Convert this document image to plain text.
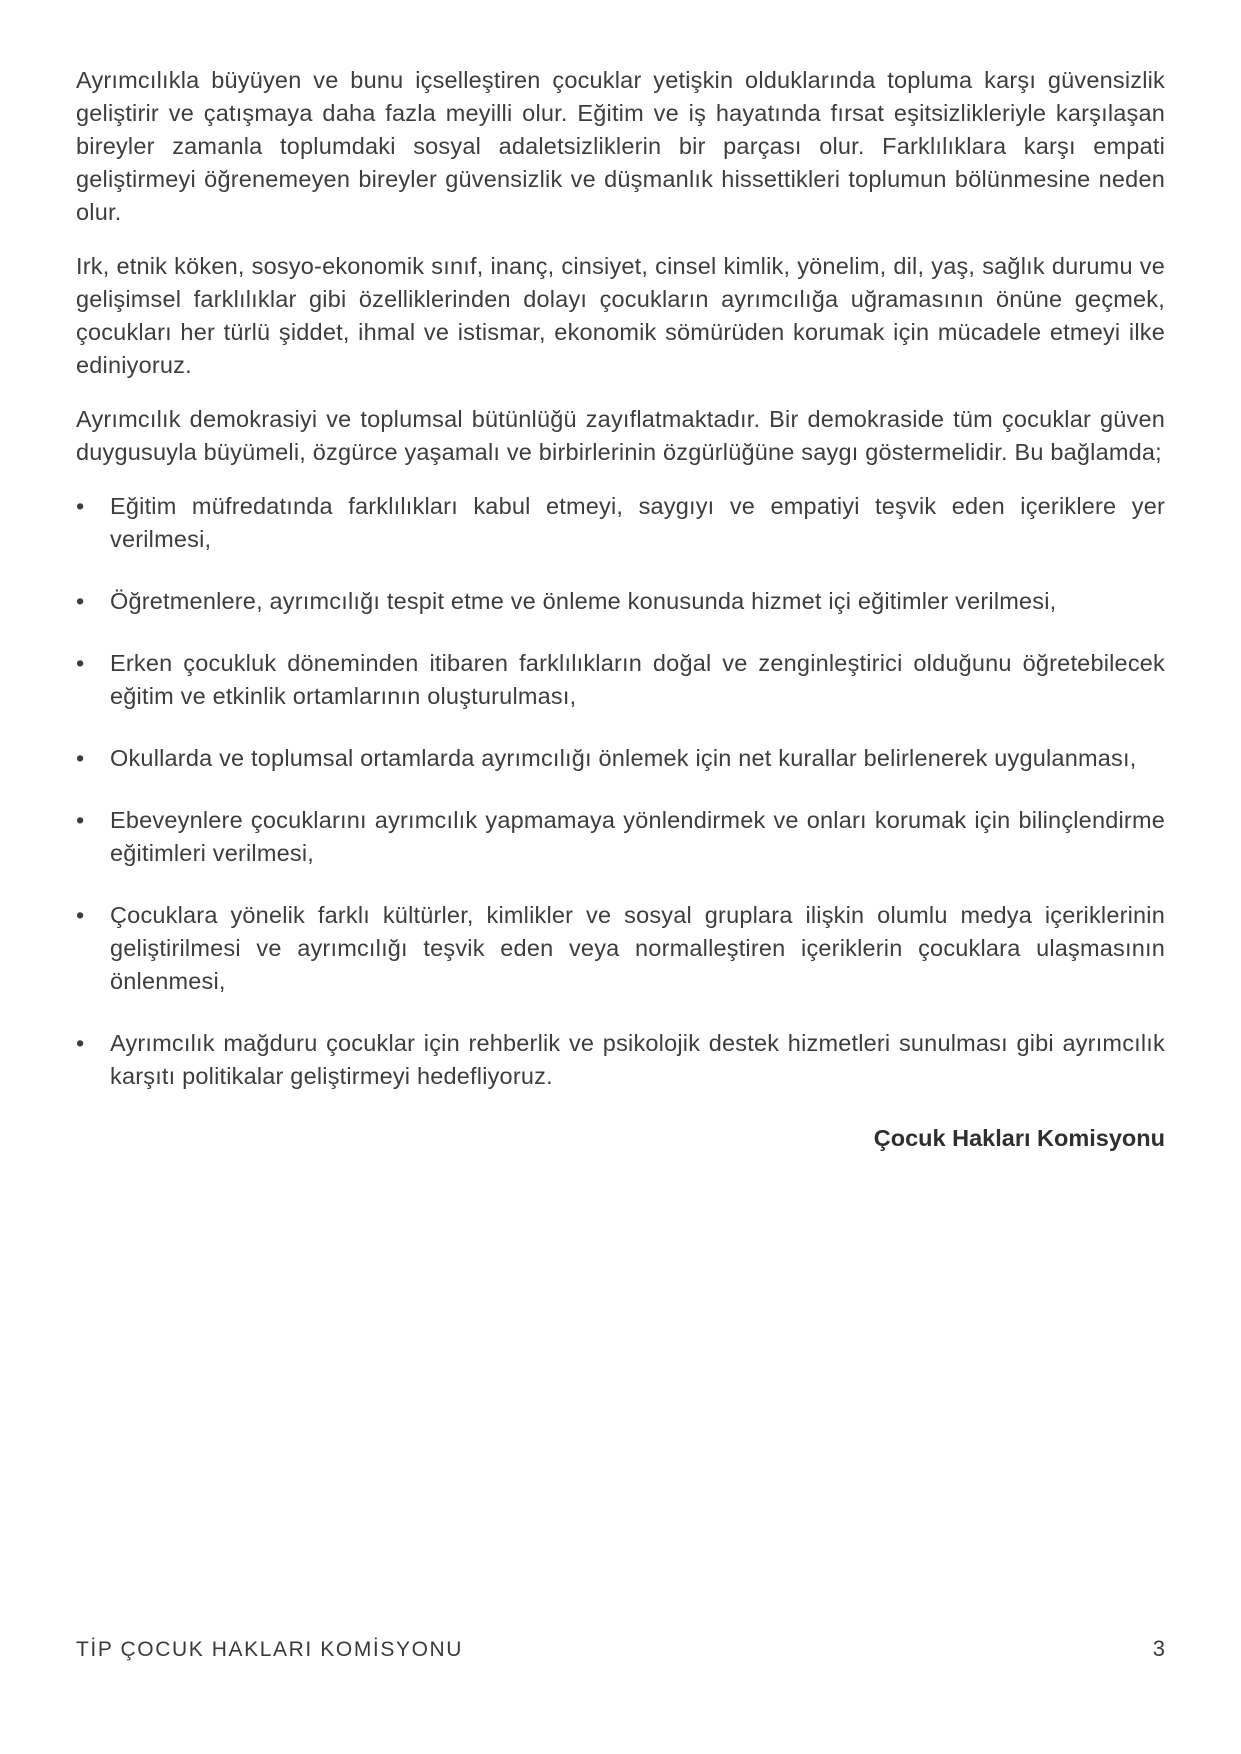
Ayrımcılıkla büyüyen ve bunu içselleştiren çocuklar yetişkin olduklarında topluma karşı güvensizlik geliştirir ve çatışmaya daha fazla meyilli olur. Eğitim ve iş hayatında fırsat eşitsizlikleriyle karşılaşan bireyler zamanla toplumdaki sosyal adaletsizliklerin bir parçası olur. Farklılıklara karşı empati geliştirmeyi öğrenemeyen bireyler güvensizlik ve düşmanlık hissettikleri toplumun bölünmesine neden olur.

Irk, etnik köken, sosyo-ekonomik sınıf, inanç, cinsiyet, cinsel kimlik, yönelim, dil, yaş, sağlık durumu ve gelişimsel farklılıklar gibi özelliklerinden dolayı çocukların ayrımcılığa uğramasının önüne geçmek, çocukları her türlü şiddet, ihmal ve istismar, ekonomik sömürüden korumak için mücadele etmeyi ilke ediniyoruz.

Ayrımcılık demokrasiyi ve toplumsal bütünlüğü zayıflatmaktadır. Bir demokraside tüm çocuklar güven duygusuyla büyümeli, özgürce yaşamalı ve birbirlerinin özgürlüğüne saygı göstermelidir. Bu bağlamda;

•	Eğitim müfredatında farklılıkları kabul etmeyi, saygıyı ve empatiyi teşvik eden içeriklere yer verilmesi,
•	Öğretmenlere, ayrımcılığı tespit etme ve önleme konusunda hizmet içi eğitimler verilmesi,
•	Erken çocukluk döneminden itibaren farklılıkların doğal ve zenginleştirici olduğunu öğretebilecek eğitim ve etkinlik ortamlarının oluşturulması,
•	Okullarda ve toplumsal ortamlarda ayrımcılığı önlemek için net kurallar belirlenerek uygulanması,
•	Ebeveynlere çocuklarını ayrımcılık yapmamaya yönlendirmek ve onları korumak için bilinçlendirme eğitimleri verilmesi,
•	Çocuklara yönelik farklı kültürler, kimlikler ve sosyal gruplara ilişkin olumlu medya içeriklerinin geliştirilmesi ve ayrımcılığı teşvik eden veya normalleştiren içeriklerin çocuklara ulaşmasının önlenmesi,
•	Ayrımcılık mağduru çocuklar için rehberlik ve psikolojik destek hizmetleri sunulması gibi ayrımcılık karşıtı politikalar geliştirmeyi hedefliyoruz.
Çocuk Hakları Komisyonu
TİP ÇOCUK HAKLARI KOMİSYONU	3
